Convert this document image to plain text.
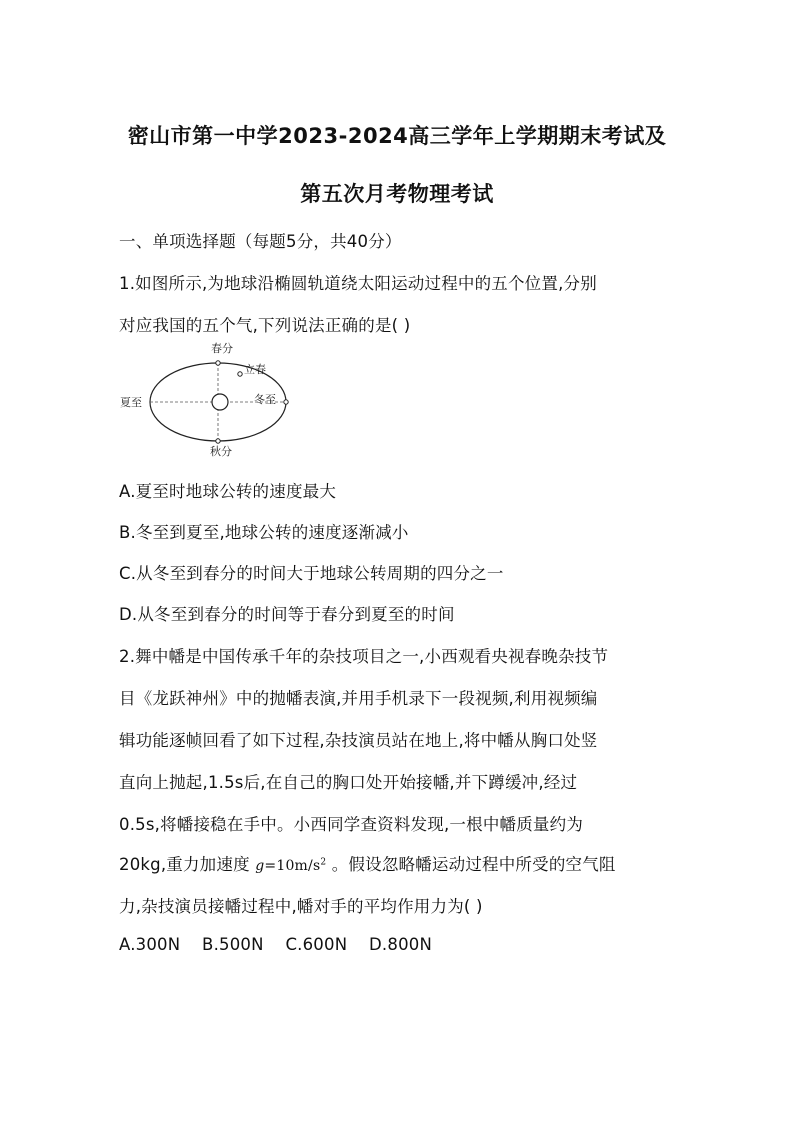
密山市第一中学2023-2024高三学年上学期期末考试及
第五次月考物理考试
一、单项选择题（每题5分，共40分）
1.如图所示,为地球沿椭圆轨道绕太阳运动过程中的五个位置,分别
对应我国的五个气,下列说法正确的是( )
春分
立春
冬至
夏至
秋分
A.夏至时地球公转的速度最大
B.冬至到夏至,地球公转的速度逐渐减小
C.从冬至到春分的时间大于地球公转周期的四分之一
D.从冬至到春分的时间等于春分到夏至的时间
2.舞中幡是中国传承千年的杂技项目之一,小西观看央视春晚杂技节
目《龙跃神州》中的抛幡表演,并用手机录下一段视频,利用视频编
辑功能逐帧回看了如下过程,杂技演员站在地上,将中幡从胸口处竖
直向上抛起,1.5s后,在自己的胸口处开始接幡,并下蹲缓冲,经过
0.5s,将幡接稳在手中。小西同学查资料发现,一根中幡质量约为
20kg,重力加速度 $g=10m/s^2$ 。假设忽略幡运动过程中所受的空气阻
力,杂技演员接幡过程中,幡对手的平均作用力为( )
A.300N    B.500N    C.600N    D.800N
